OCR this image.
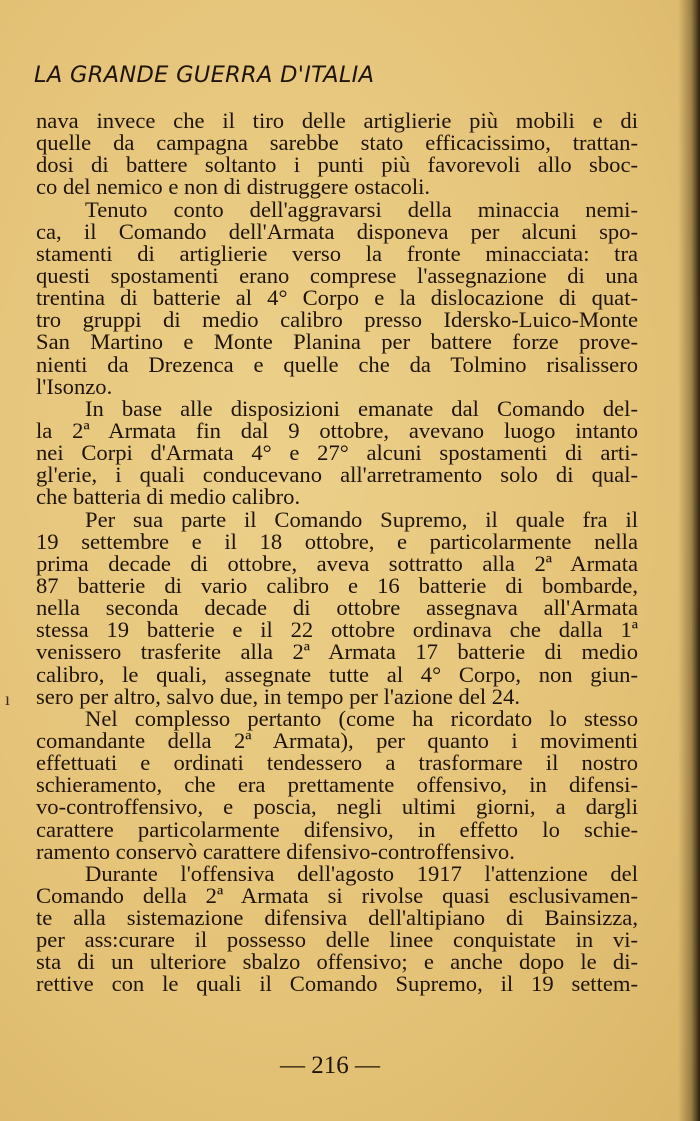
LA GRANDE GUERRA D'ITALIA
ı
nava invece che il tiro delle artiglierie più mobili e di
quelle da campagna sarebbe stato efficacissimo, trattan-
dosi di battere soltanto i punti più favorevoli allo sboc-
co del nemico e non di distruggere ostacoli.
Tenuto conto dell'aggravarsi della minaccia nemi-
ca, il Comando dell'Armata disponeva per alcuni spo-
stamenti di artiglierie verso la fronte minacciata: tra
questi spostamenti erano comprese l'assegnazione di una
trentina di batterie al 4° Corpo e la dislocazione di quat-
tro gruppi di medio calibro presso Idersko-Luico-Monte
San Martino e Monte Planina per battere forze prove-
nienti da Drezenca e quelle che da Tolmino risalissero
l'Isonzo.
In base alle disposizioni emanate dal Comando del-
la 2ª Armata fin dal 9 ottobre, avevano luogo intanto
nei Corpi d'Armata 4° e 27° alcuni spostamenti di arti-
gl'erie, i quali conducevano all'arretramento solo di qual-
che batteria di medio calibro.
Per sua parte il Comando Supremo, il quale fra il
19 settembre e il 18 ottobre, e particolarmente nella
prima decade di ottobre, aveva sottratto alla 2ª Armata
87 batterie di vario calibro e 16 batterie di bombarde,
nella seconda decade di ottobre assegnava all'Armata
stessa 19 batterie e il 22 ottobre ordinava che dalla 1ª
venissero trasferite alla 2ª Armata 17 batterie di medio
calibro, le quali, assegnate tutte al 4° Corpo, non giun-
sero per altro, salvo due, in tempo per l'azione del 24.
Nel complesso pertanto (come ha ricordato lo stesso
comandante della 2ª Armata), per quanto i movimenti
effettuati e ordinati tendessero a trasformare il nostro
schieramento, che era prettamente offensivo, in difensi-
vo-controffensivo, e poscia, negli ultimi giorni, a dargli
carattere particolarmente difensivo, in effetto lo schie-
ramento conservò carattere difensivo-controffensivo.
Durante l'offensiva dell'agosto 1917 l'attenzione del
Comando della 2ª Armata si rivolse quasi esclusivamen-
te alla sistemazione difensiva dell'altipiano di Bainsizza,
per ass:curare il possesso delle linee conquistate in vi-
sta di un ulteriore sbalzo offensivo; e anche dopo le di-
rettive con le quali il Comando Supremo, il 19 settem-
— 216 —
